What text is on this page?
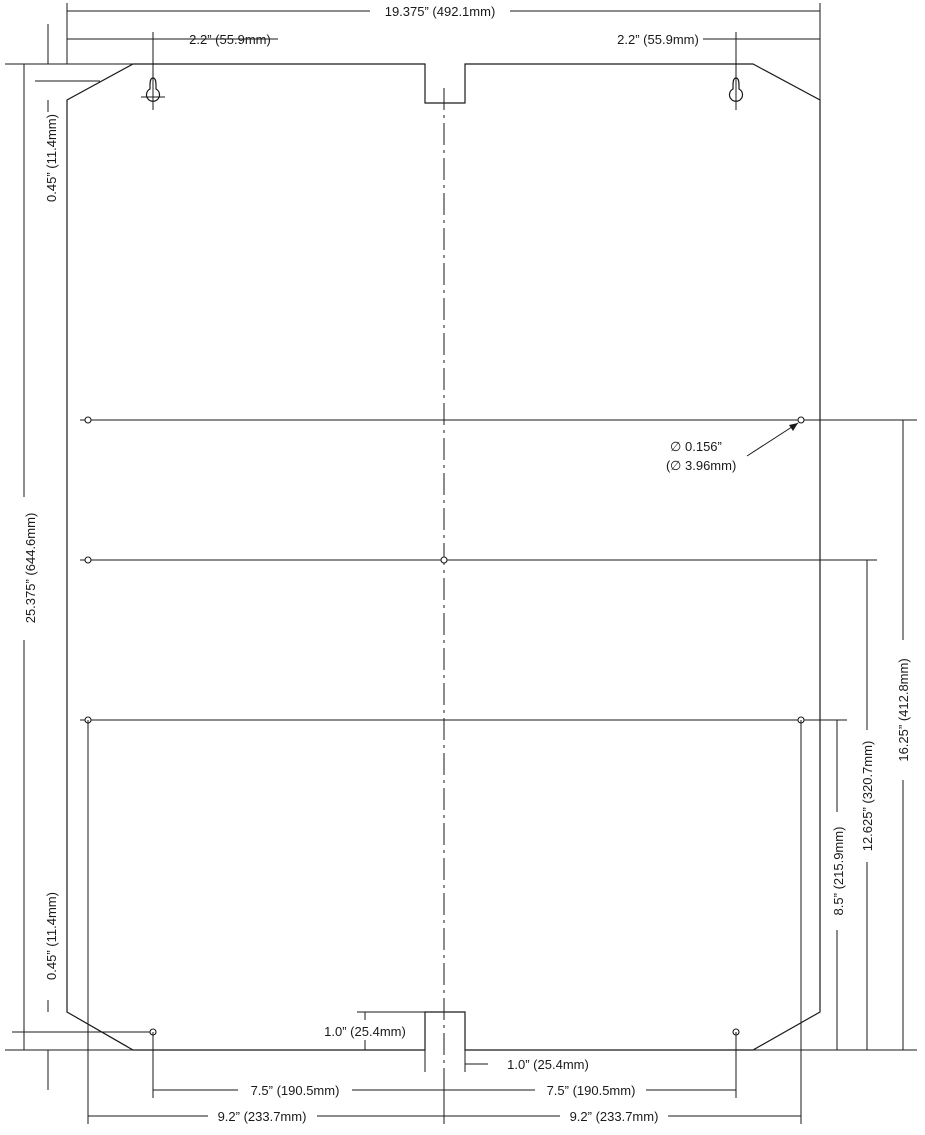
19.375” (492.1mm)
2.2” (55.9mm)	2.2” (55.9mm)
25.375” (644.6mm)
0.45” (11.4mm)
0.45” (11.4mm)
∅ 0.156”
( ∅ 3.96mm)
16.25” (412.8mm)
12.625” (320.7mm)
8.5” (215.9mm)
1.0” (25.4mm)
1.0” (25.4mm)
7.5” (190.5mm)	7.5” (190.5mm)
9.2” (233.7mm)	9.2” (233.7mm)
